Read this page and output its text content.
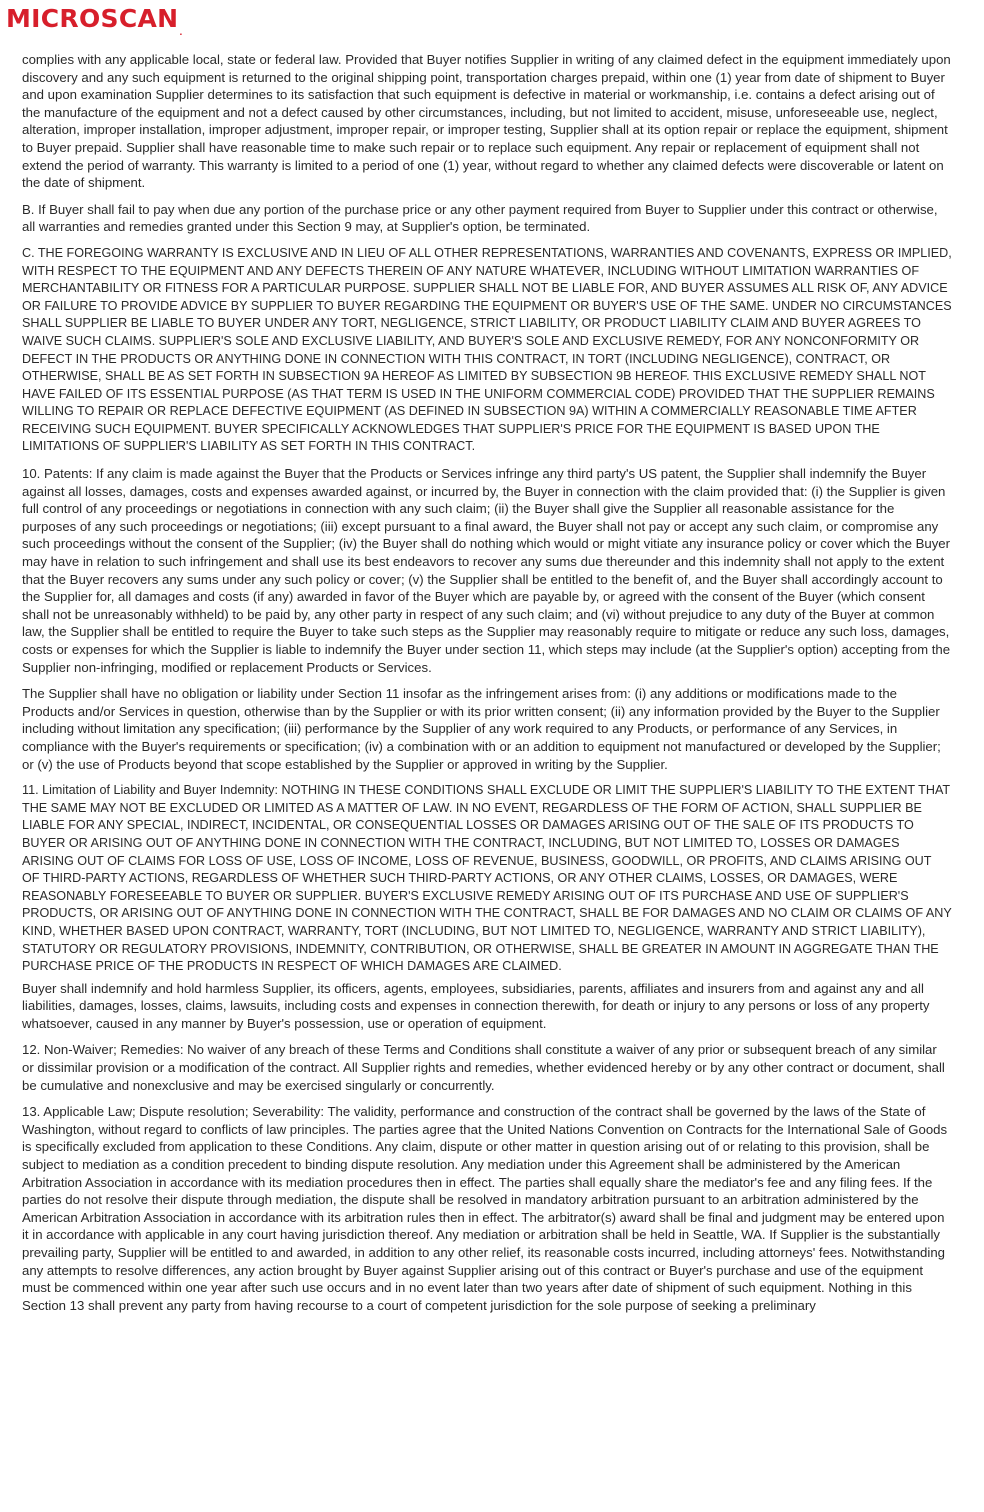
MICROSCAN.

complies with any applicable local, state or federal law. Provided that Buyer notifies Supplier in writing of any claimed defect in the equipment immediately upon discovery and any such equipment is returned to the original shipping point, transportation charges prepaid, within one (1) year from date of shipment to Buyer and upon examination Supplier determines to its satisfaction that such equipment is defective in material or workmanship, i.e. contains a defect arising out of the manufacture of the equipment and not a defect caused by other circumstances, including, but not limited to accident, misuse, unforeseeable use, neglect, alteration, improper installation, improper adjustment, improper repair, or improper testing, Supplier shall at its option repair or replace the equipment, shipment to Buyer prepaid. Supplier shall have reasonable time to make such repair or to replace such equipment. Any repair or replacement of equipment shall not extend the period of warranty. This warranty is limited to a period of one (1) year, without regard to whether any claimed defects were discoverable or latent on the date of shipment.

B. If Buyer shall fail to pay when due any portion of the purchase price or any other payment required from Buyer to Supplier under this contract or otherwise, all warranties and remedies granted under this Section 9 may, at Supplier's option, be terminated.

C. THE FOREGOING WARRANTY IS EXCLUSIVE AND IN LIEU OF ALL OTHER REPRESENTATIONS, WARRANTIES AND COVENANTS, EXPRESS OR IMPLIED, WITH RESPECT TO THE EQUIPMENT AND ANY DEFECTS THEREIN OF ANY NATURE WHATEVER, INCLUDING WITHOUT LIMITATION WARRANTIES OF MERCHANTABILITY OR FITNESS FOR A PARTICULAR PURPOSE. SUPPLIER SHALL NOT BE LIABLE FOR, AND BUYER ASSUMES ALL RISK OF, ANY ADVICE OR FAILURE TO PROVIDE ADVICE BY SUPPLIER TO BUYER REGARDING THE EQUIPMENT OR BUYER'S USE OF THE SAME. UNDER NO CIRCUMSTANCES SHALL SUPPLIER BE LIABLE TO BUYER UNDER ANY TORT, NEGLIGENCE, STRICT LIABILITY, OR PRODUCT LIABILITY CLAIM AND BUYER AGREES TO WAIVE SUCH CLAIMS. SUPPLIER'S SOLE AND EXCLUSIVE LIABILITY, AND BUYER'S SOLE AND EXCLUSIVE REMEDY, FOR ANY NONCONFORMITY OR DEFECT IN THE PRODUCTS OR ANYTHING DONE IN CONNECTION WITH THIS CONTRACT, IN TORT (INCLUDING NEGLIGENCE), CONTRACT, OR OTHERWISE, SHALL BE AS SET FORTH IN SUBSECTION 9A HEREOF AS LIMITED BY SUBSECTION 9B HEREOF. THIS EXCLUSIVE REMEDY SHALL NOT HAVE FAILED OF ITS ESSENTIAL PURPOSE (AS THAT TERM IS USED IN THE UNIFORM COMMERCIAL CODE) PROVIDED THAT THE SUPPLIER REMAINS WILLING TO REPAIR OR REPLACE DEFECTIVE EQUIPMENT (AS DEFINED IN SUBSECTION 9A) WITHIN A COMMERCIALLY REASONABLE TIME AFTER RECEIVING SUCH EQUIPMENT. BUYER SPECIFICALLY ACKNOWLEDGES THAT SUPPLIER'S PRICE FOR THE EQUIPMENT IS BASED UPON THE LIMITATIONS OF SUPPLIER'S LIABILITY AS SET FORTH IN THIS CONTRACT.

10. Patents: If any claim is made against the Buyer that the Products or Services infringe any third party's US patent, the Supplier shall indemnify the Buyer against all losses, damages, costs and expenses awarded against, or incurred by, the Buyer in connection with the claim provided that: (i) the Supplier is given full control of any proceedings or negotiations in connection with any such claim; (ii) the Buyer shall give the Supplier all reasonable assistance for the purposes of any such proceedings or negotiations; (iii) except pursuant to a final award, the Buyer shall not pay or accept any such claim, or compromise any such proceedings without the consent of the Supplier; (iv) the Buyer shall do nothing which would or might vitiate any insurance policy or cover which the Buyer may have in relation to such infringement and shall use its best endeavors to recover any sums due thereunder and this indemnity shall not apply to the extent that the Buyer recovers any sums under any such policy or cover; (v) the Supplier shall be entitled to the benefit of, and the Buyer shall accordingly account to the Supplier for, all damages and costs (if any) awarded in favor of the Buyer which are payable by, or agreed with the consent of the Buyer (which consent shall not be unreasonably withheld) to be paid by, any other party in respect of any such claim; and (vi) without prejudice to any duty of the Buyer at common law, the Supplier shall be entitled to require the Buyer to take such steps as the Supplier may reasonably require to mitigate or reduce any such loss, damages, costs or expenses for which the Supplier is liable to indemnify the Buyer under section 11, which steps may include (at the Supplier's option) accepting from the Supplier non-infringing, modified or replacement Products or Services.

The Supplier shall have no obligation or liability under Section 11 insofar as the infringement arises from: (i) any additions or modifications made to the Products and/or Services in question, otherwise than by the Supplier or with its prior written consent; (ii) any information provided by the Buyer to the Supplier including without limitation any specification; (iii) performance by the Supplier of any work required to any Products, or performance of any Services, in compliance with the Buyer's requirements or specification; (iv) a combination with or an addition to equipment not manufactured or developed by the Supplier; or (v) the use of Products beyond that scope established by the Supplier or approved in writing by the Supplier.

11. Limitation of Liability and Buyer Indemnity: NOTHING IN THESE CONDITIONS SHALL EXCLUDE OR LIMIT THE SUPPLIER'S LIABILITY TO THE EXTENT THAT THE SAME MAY NOT BE EXCLUDED OR LIMITED AS A MATTER OF LAW. IN NO EVENT, REGARDLESS OF THE FORM OF ACTION, SHALL SUPPLIER BE LIABLE FOR ANY SPECIAL, INDIRECT, INCIDENTAL, OR CONSEQUENTIAL LOSSES OR DAMAGES ARISING OUT OF THE SALE OF ITS PRODUCTS TO BUYER OR ARISING OUT OF ANYTHING DONE IN CONNECTION WITH THE CONTRACT, INCLUDING, BUT NOT LIMITED TO, LOSSES OR DAMAGES ARISING OUT OF CLAIMS FOR LOSS OF USE, LOSS OF INCOME, LOSS OF REVENUE, BUSINESS, GOODWILL, OR PROFITS, AND CLAIMS ARISING OUT OF THIRD-PARTY ACTIONS, REGARDLESS OF WHETHER SUCH THIRD-PARTY ACTIONS, OR ANY OTHER CLAIMS, LOSSES, OR DAMAGES, WERE REASONABLY FORESEEABLE TO BUYER OR SUPPLIER. BUYER'S EXCLUSIVE REMEDY ARISING OUT OF ITS PURCHASE AND USE OF SUPPLIER'S PRODUCTS, OR ARISING OUT OF ANYTHING DONE IN CONNECTION WITH THE CONTRACT, SHALL BE FOR DAMAGES AND NO CLAIM OR CLAIMS OF ANY KIND, WHETHER BASED UPON CONTRACT, WARRANTY, TORT (INCLUDING, BUT NOT LIMITED TO, NEGLIGENCE, WARRANTY AND STRICT LIABILITY), STATUTORY OR REGULATORY PROVISIONS, INDEMNITY, CONTRIBUTION, OR OTHERWISE, SHALL BE GREATER IN AMOUNT IN AGGREGATE THAN THE PURCHASE PRICE OF THE PRODUCTS IN RESPECT OF WHICH DAMAGES ARE CLAIMED.

Buyer shall indemnify and hold harmless Supplier, its officers, agents, employees, subsidiaries, parents, affiliates and insurers from and against any and all liabilities, damages, losses, claims, lawsuits, including costs and expenses in connection therewith, for death or injury to any persons or loss of any property whatsoever, caused in any manner by Buyer's possession, use or operation of equipment.

12. Non-Waiver; Remedies: No waiver of any breach of these Terms and Conditions shall constitute a waiver of any prior or subsequent breach of any similar or dissimilar provision or a modification of the contract. All Supplier rights and remedies, whether evidenced hereby or by any other contract or document, shall be cumulative and nonexclusive and may be exercised singularly or concurrently.

13. Applicable Law; Dispute resolution; Severability: The validity, performance and construction of the contract shall be governed by the laws of the State of Washington, without regard to conflicts of law principles. The parties agree that the United Nations Convention on Contracts for the International Sale of Goods is specifically excluded from application to these Conditions. Any claim, dispute or other matter in question arising out of or relating to this provision, shall be subject to mediation as a condition precedent to binding dispute resolution. Any mediation under this Agreement shall be administered by the American Arbitration Association in accordance with its mediation procedures then in effect. The parties shall equally share the mediator's fee and any filing fees. If the parties do not resolve their dispute through mediation, the dispute shall be resolved in mandatory arbitration pursuant to an arbitration administered by the American Arbitration Association in accordance with its arbitration rules then in effect. The arbitrator(s) award shall be final and judgment may be entered upon it in accordance with applicable in any court having jurisdiction thereof. Any mediation or arbitration shall be held in Seattle, WA. If Supplier is the substantially prevailing party, Supplier will be entitled to and awarded, in addition to any other relief, its reasonable costs incurred, including attorneys' fees. Notwithstanding any attempts to resolve differences, any action brought by Buyer against Supplier arising out of this contract or Buyer's purchase and use of the equipment must be commenced within one year after such use occurs and in no event later than two years after date of shipment of such equipment. Nothing in this Section 13 shall prevent any party from having recourse to a court of competent jurisdiction for the sole purpose of seeking a preliminary
